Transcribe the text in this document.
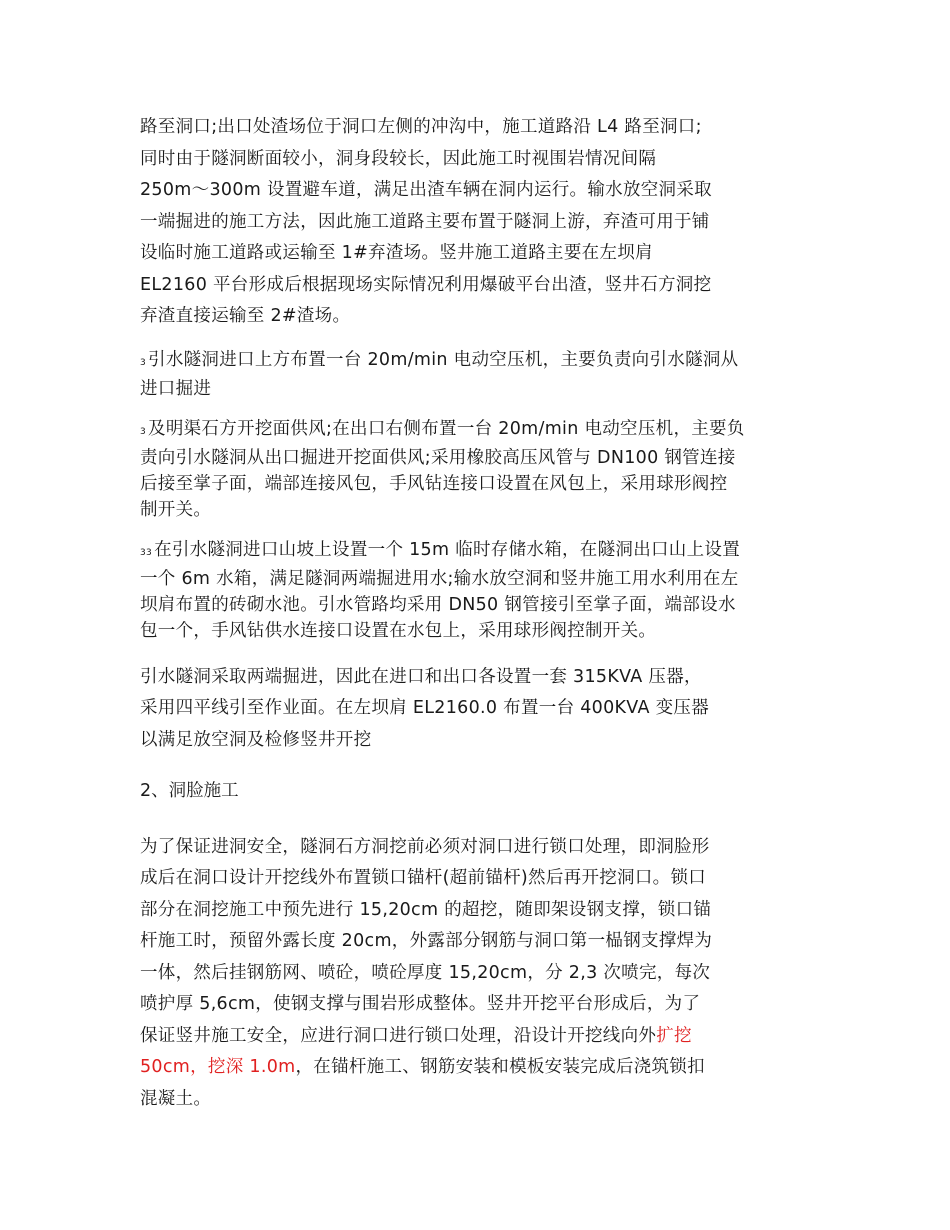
路至洞口;出口处渣场位于洞口左侧的冲沟中，施工道路沿 L4 路至洞口;
同时由于隧洞断面较小，洞身段较长，因此施工时视围岩情况间隔
250m～300m 设置避车道，满足出渣车辆在洞内运行。输水放空洞采取
一端掘进的施工方法，因此施工道路主要布置于隧洞上游，弃渣可用于铺
设临时施工道路或运输至 1#弃渣场。竖井施工道路主要在左坝肩
EL2160 平台形成后根据现场实际情况利用爆破平台出渣，竖井石方洞挖
弃渣直接运输至 2#渣场。

3 引水隧洞进口上方布置一台 20m/min 电动空压机，主要负责向引水隧洞从
进口掘进

3 及明渠石方开挖面供风;在出口右侧布置一台 20m/min 电动空压机，主要负
责向引水隧洞从出口掘进开挖面供风;采用橡胶高压风管与 DN100 钢管连接
后接至掌子面，端部连接风包，手风钻连接口设置在风包上，采用球形阀控
制开关。

33 在引水隧洞进口山坡上设置一个 15m 临时存储水箱，在隧洞出口山上设置
一个 6m 水箱，满足隧洞两端掘进用水;输水放空洞和竖井施工用水利用在左
坝肩布置的砖砌水池。引水管路均采用 DN50 钢管接引至掌子面，端部设水
包一个，手风钻供水连接口设置在水包上，采用球形阀控制开关。

引水隧洞采取两端掘进，因此在进口和出口各设置一套 315KVA 压器，
采用四平线引至作业面。在左坝肩 EL2160.0 布置一台 400KVA 变压器
以满足放空洞及检修竖井开挖

2、洞脸施工

为了保证进洞安全，隧洞石方洞挖前必须对洞口进行锁口处理，即洞脸形
成后在洞口设计开挖线外布置锁口锚杆(超前锚杆)然后再开挖洞口。锁口
部分在洞挖施工中预先进行 15,20cm 的超挖，随即架设钢支撑，锁口锚
杆施工时，预留外露长度 20cm，外露部分钢筋与洞口第一榀钢支撑焊为
一体，然后挂钢筋网、喷砼，喷砼厚度 15,20cm，分 2,3 次喷完，每次
喷护厚 5,6cm，使钢支撑与围岩形成整体。竖井开挖平台形成后，为了
保证竖井施工安全，应进行洞口进行锁口处理，沿设计开挖线向外扩挖
50cm，挖深 1.0m，在锚杆施工、钢筋安装和模板安装完成后浇筑锁扣
混凝土。
